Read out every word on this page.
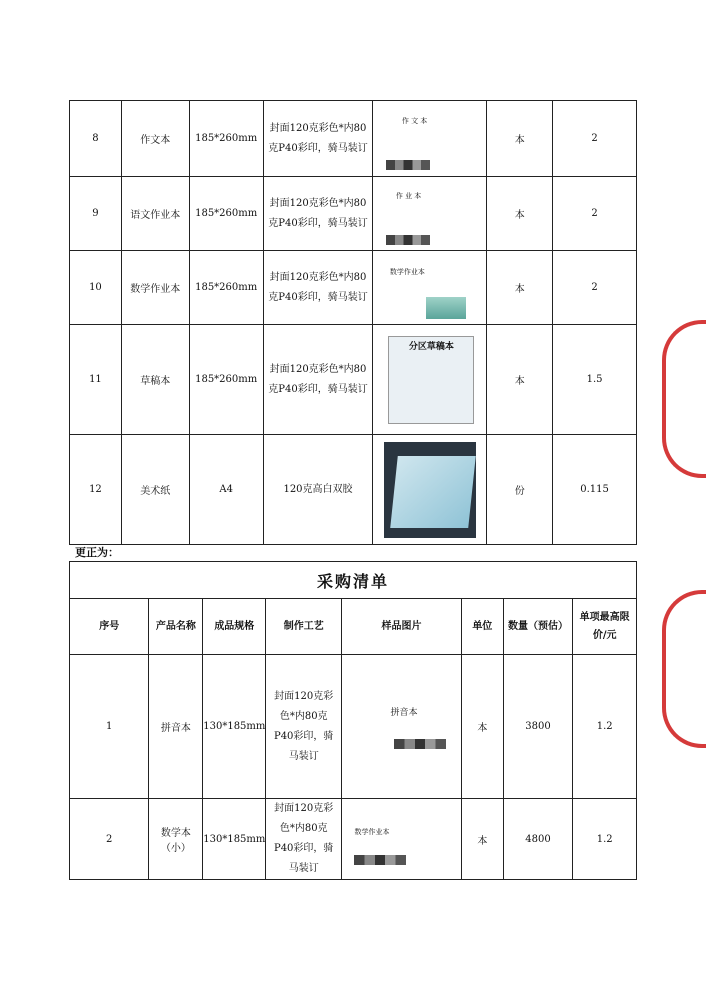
8	作文本	185*260mm	封面120克彩色*内80克P40彩印，骑马装订	作 文 本	本	2
9	语文作业本	185*260mm	封面120克彩色*内80克P40彩印，骑马装订	作 业 本	本	2
10	数学作业本	185*260mm	封面120克彩色*内80克P40彩印，骑马装订	数学作业本	本	2
11	草稿本	185*260mm	封面120克彩色*内80克P40彩印，骑马装订	分区草稿本	本	1.5
12	美术纸	A4	120克高白双胶		份	0.115
更正为：
采购清单							
序号	产品名称	成品规格	制作工艺	样品图片	单位	数量（预估）	单项最高限价/元
1	拼音本	130*185mm	封面120克彩色*内80克P40彩印，骑马装订	拼音本	本	3800	1.2
2	数学本（小）	130*185mm	封面120克彩色*内80克P40彩印，骑马装订	数学作业本	本	4800	1.2
